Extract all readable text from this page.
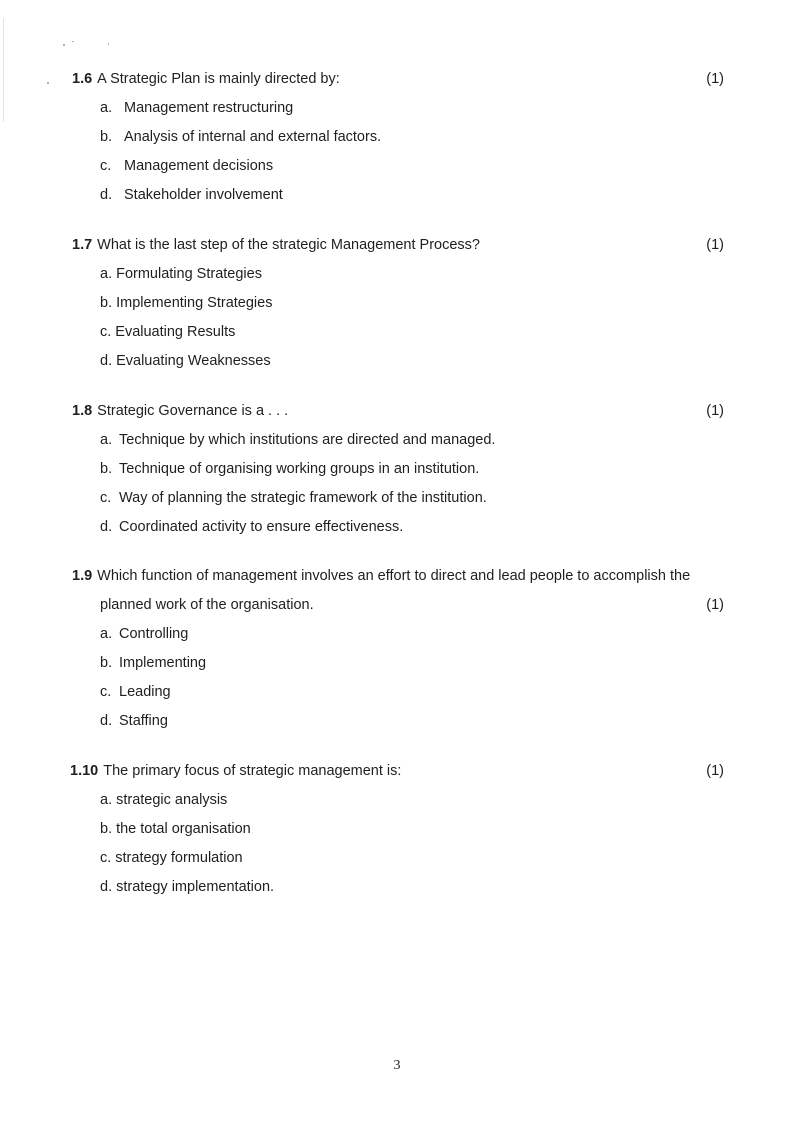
1.6 A Strategic Plan is mainly directed by:	(1)
a. Management restructuring
b. Analysis of internal and external factors.
c. Management decisions
d. Stakeholder involvement
1.7 What is the last step of the strategic Management Process?	(1)
a. Formulating Strategies
b. Implementing Strategies
c. Evaluating Results
d. Evaluating Weaknesses
1.8 Strategic Governance is a . . .	(1)
a. Technique by which institutions are directed and managed.
b. Technique of organising working groups in an institution.
c. Way of planning the strategic framework of the institution.
d. Coordinated activity to ensure effectiveness.
1.9 Which function of management involves an effort to direct and lead people to accomplish the
planned work of the organisation.	(1)
a. Controlling
b. Implementing
c. Leading
d. Staffing
1.10 The primary focus of strategic management is:	(1)
a. strategic analysis
b. the total organisation
c. strategy formulation
d. strategy implementation.
3
